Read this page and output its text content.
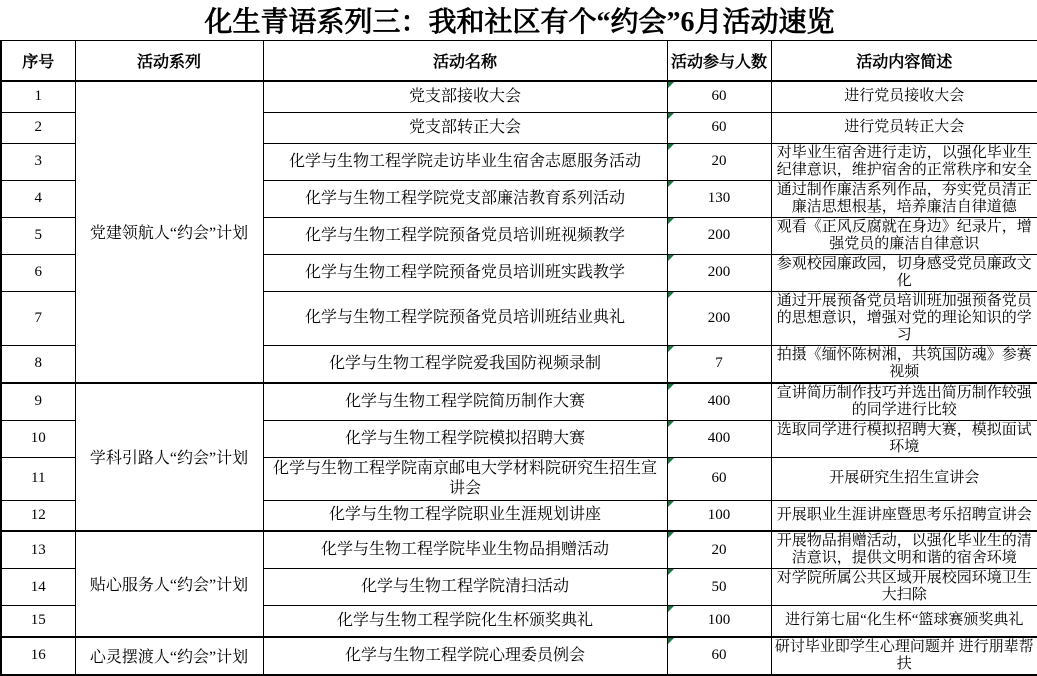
化生青语系列三：我和社区有个“约会”6月活动速览				
序号	活动系列	活动名称	活动参与人数	活动内容简述
1	党建领航人“约会”计划	党支部接收大会	60	进行党员接收大会
2		党支部转正大会	60	进行党员转正大会
3		化学与生物工程学院走访毕业生宿舍志愿服务活动	20	对毕业生宿舍进行走访，以强化毕业生纪律意识，维护宿舍的正常秩序和安全
4		化学与生物工程学院党支部廉洁教育系列活动	130	通过制作廉洁系列作品，夯实党员清正廉洁思想根基，培养廉洁自律道德
5		化学与生物工程学院预备党员培训班视频教学	200	观看《正风反腐就在身边》纪录片，增强党员的廉洁自律意识
6		化学与生物工程学院预备党员培训班实践教学	200	参观校园廉政园，切身感受党员廉政文化
7		化学与生物工程学院预备党员培训班结业典礼	200	通过开展预备党员培训班加强预备党员的思想意识，增强对党的理论知识的学习
8		化学与生物工程学院爱我国防视频录制	7	拍摄《缅怀陈树湘，共筑国防魂》参赛视频
9	学科引路人“约会”计划	化学与生物工程学院简历制作大赛	400	宣讲简历制作技巧并选出简历制作较强的同学进行比较
10		化学与生物工程学院模拟招聘大赛	400	选取同学进行模拟招聘大赛，模拟面试环境
11		化学与生物工程学院南京邮电大学材料院研究生招生宣讲会	60	开展研究生招生宣讲会
12		化学与生物工程学院职业生涯规划讲座	100	开展职业生涯讲座暨思考乐招聘宣讲会
13	贴心服务人“约会”计划	化学与生物工程学院毕业生物品捐赠活动	20	开展物品捐赠活动，以强化毕业生的清洁意识，提供文明和谐的宿舍环境
14		化学与生物工程学院清扫活动	50	对学院所属公共区域开展校园环境卫生大扫除
15		化学与生物工程学院化生杯颁奖典礼	100	进行第七届“化生杯“篮球赛颁奖典礼
16	心灵摆渡人“约会”计划	化学与生物工程学院心理委员例会	60	研讨毕业即学生心理问题并 进行朋辈帮扶
